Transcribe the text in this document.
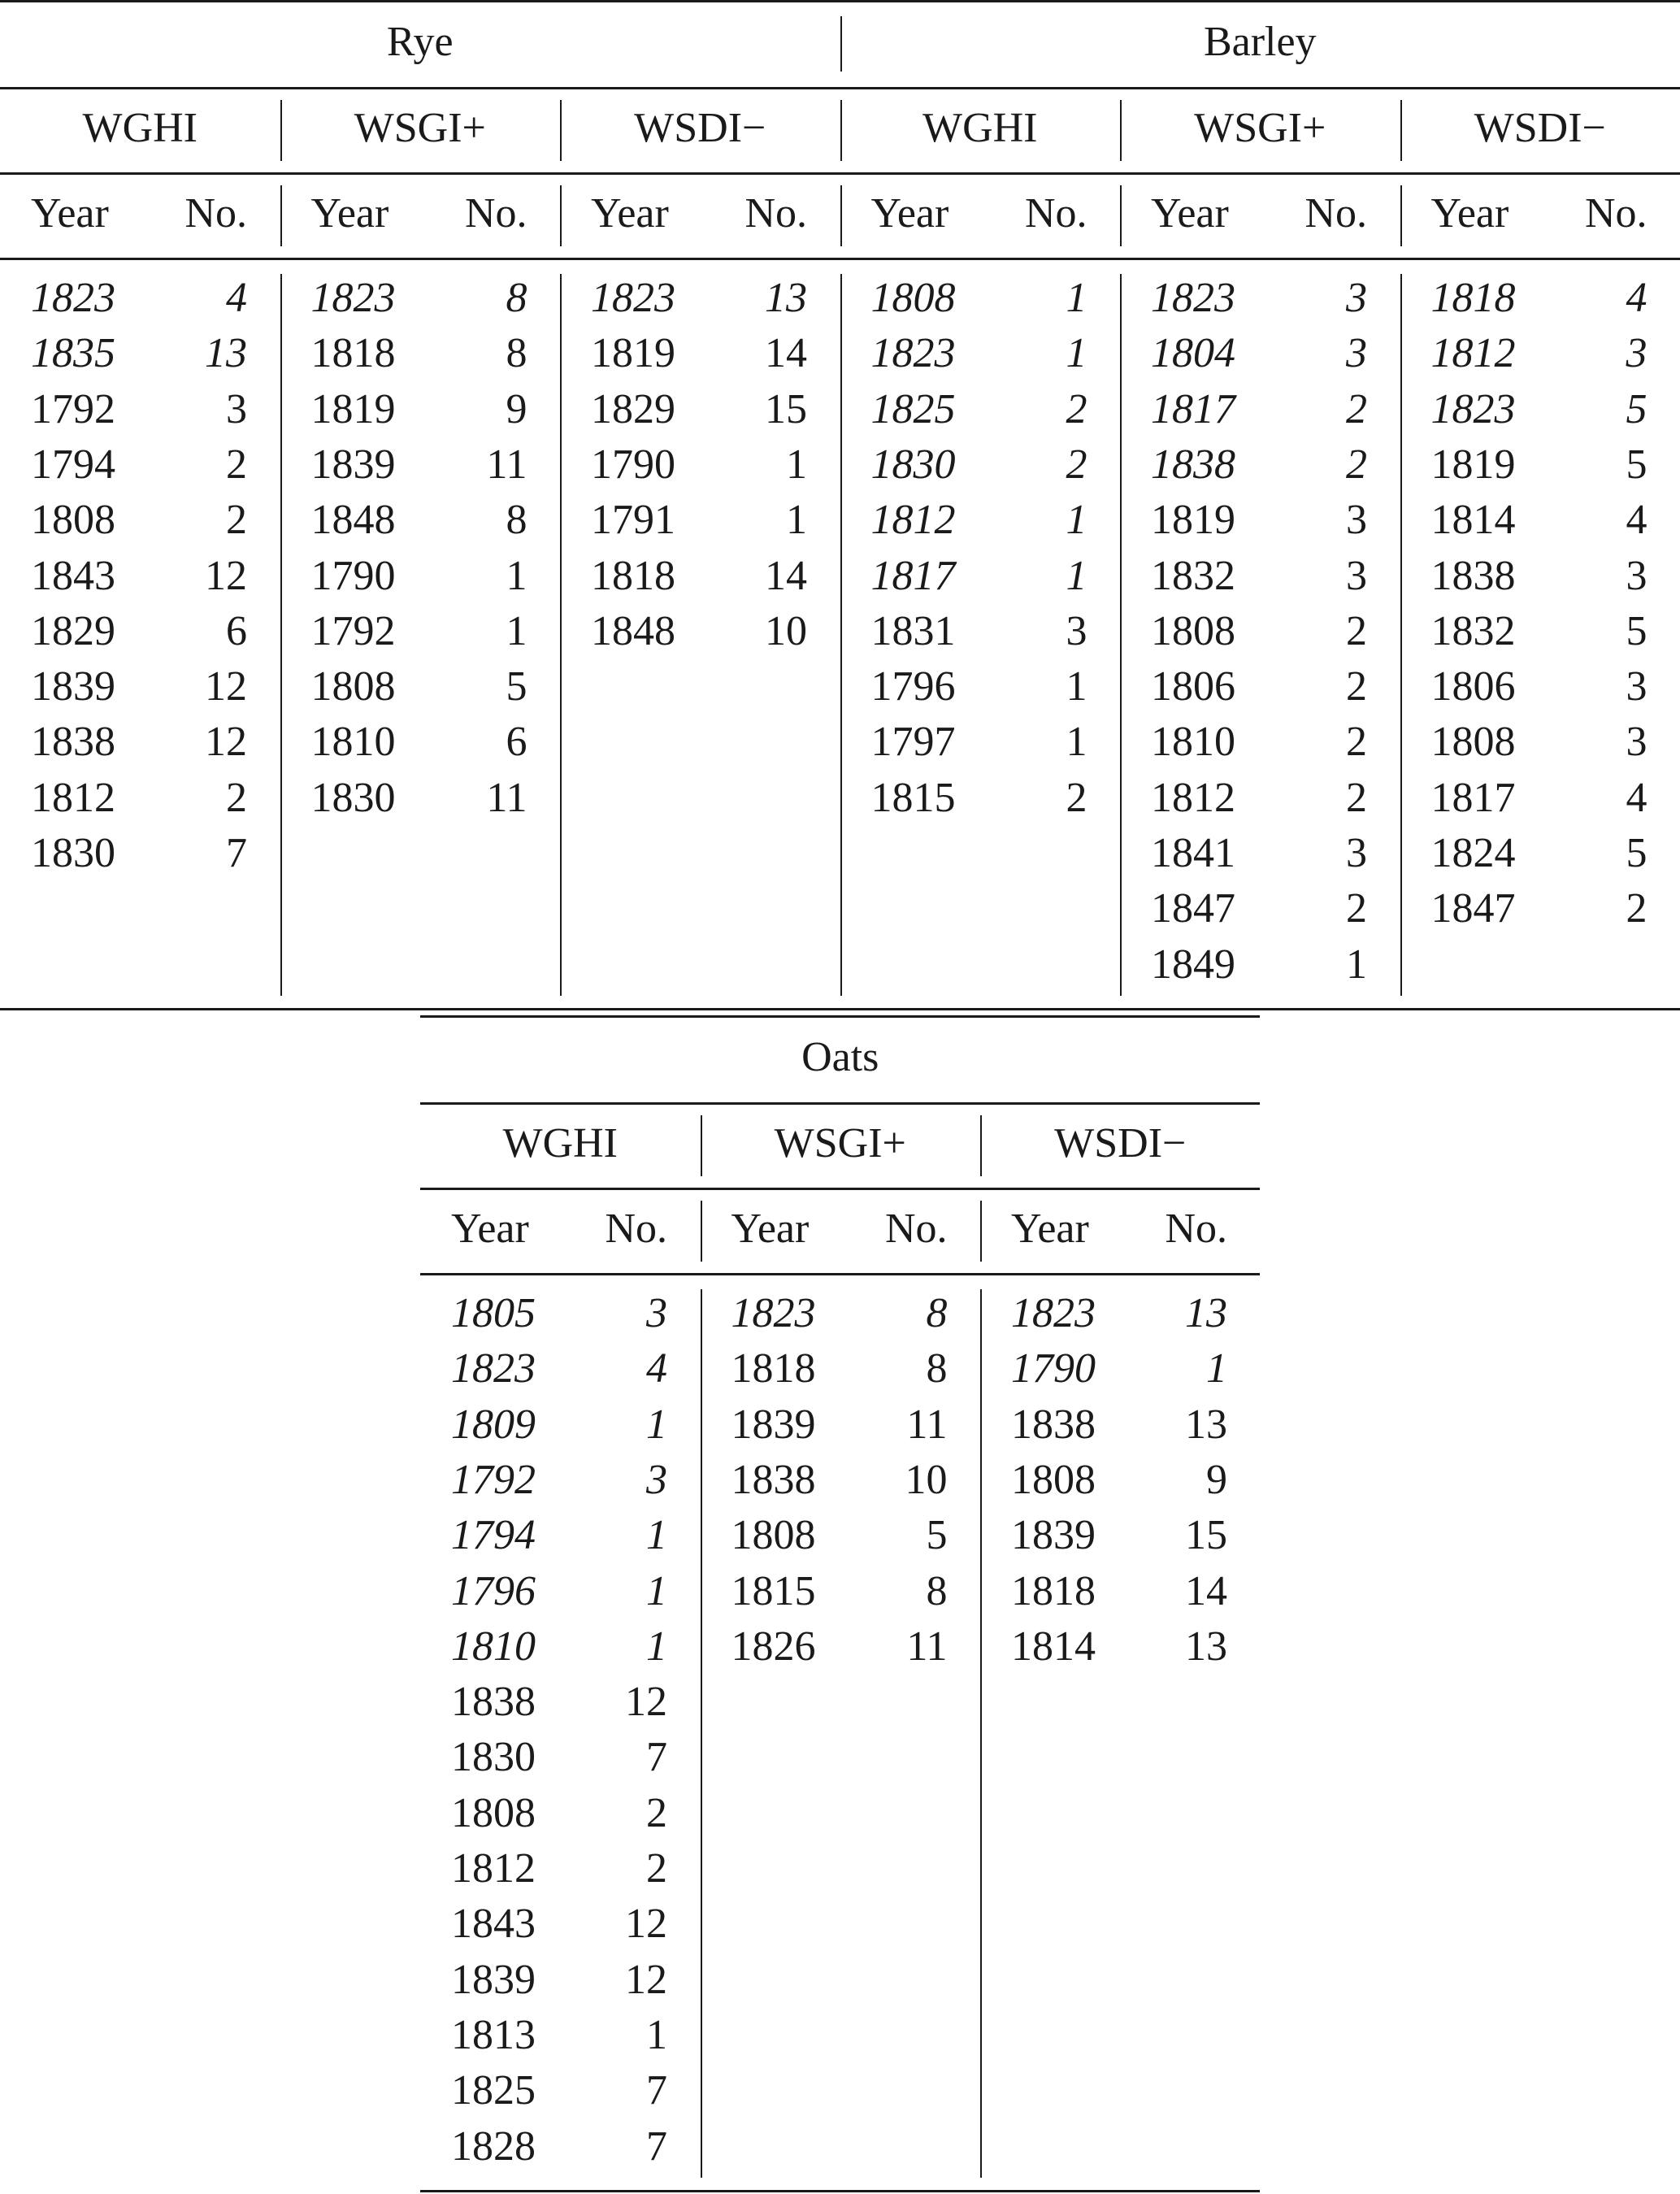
Rye
WGHI
Year No.
1823	4
1835 13
1792	3
1794	2
1808	2
1843 12
1829	6
1839 12
1838 12
1812	2
1830	7
WSGI+
Year No.
1823	8
1818	8
1819	9
1839 11
1848	8
1790	1
1792	1
1808	5
1810	6
1830 11
WSDI−
Year No.
1823 13
1819 14
1829 15
1790	1
1791	1
1818 14
1848 10
Barley
WGHI
Year No.
1808	1
1823	1
1825	2
1830	2
1812	1
1817	1
1831	3
1796	1
1797	1
1815	2
WSGI+
Year No.
1823	3
1804	3
1817	2
1838	2
1819	3
1832	3
1808	2
1806	2
1810	2
1812	2
1841	3
1847	2
1849	1
WSDI−
Year No.
1818	4
1812	3
1823	5
1819	5
1814	4
1838	3
1832	5
1806	3
1808	3
1817	4
1824	5
1847	2
Oats
WGHI
Year No.
1805	3
1823	4
1809	1
1792	3
1794	1
1796	1
1810	1
1838 12
1830	7
1808	2
1812	2
1843 12
1839 12
1813	1
1825	7
1828	7
WSGI+
Year No.
1823	8
1818	8
1839 11
1838 10
1808	5
1815	8
1826 11
WSDI−
Year No.
1823 13
1790	1
1838 13
1808	9
1839 15
1818 14
1814 13
